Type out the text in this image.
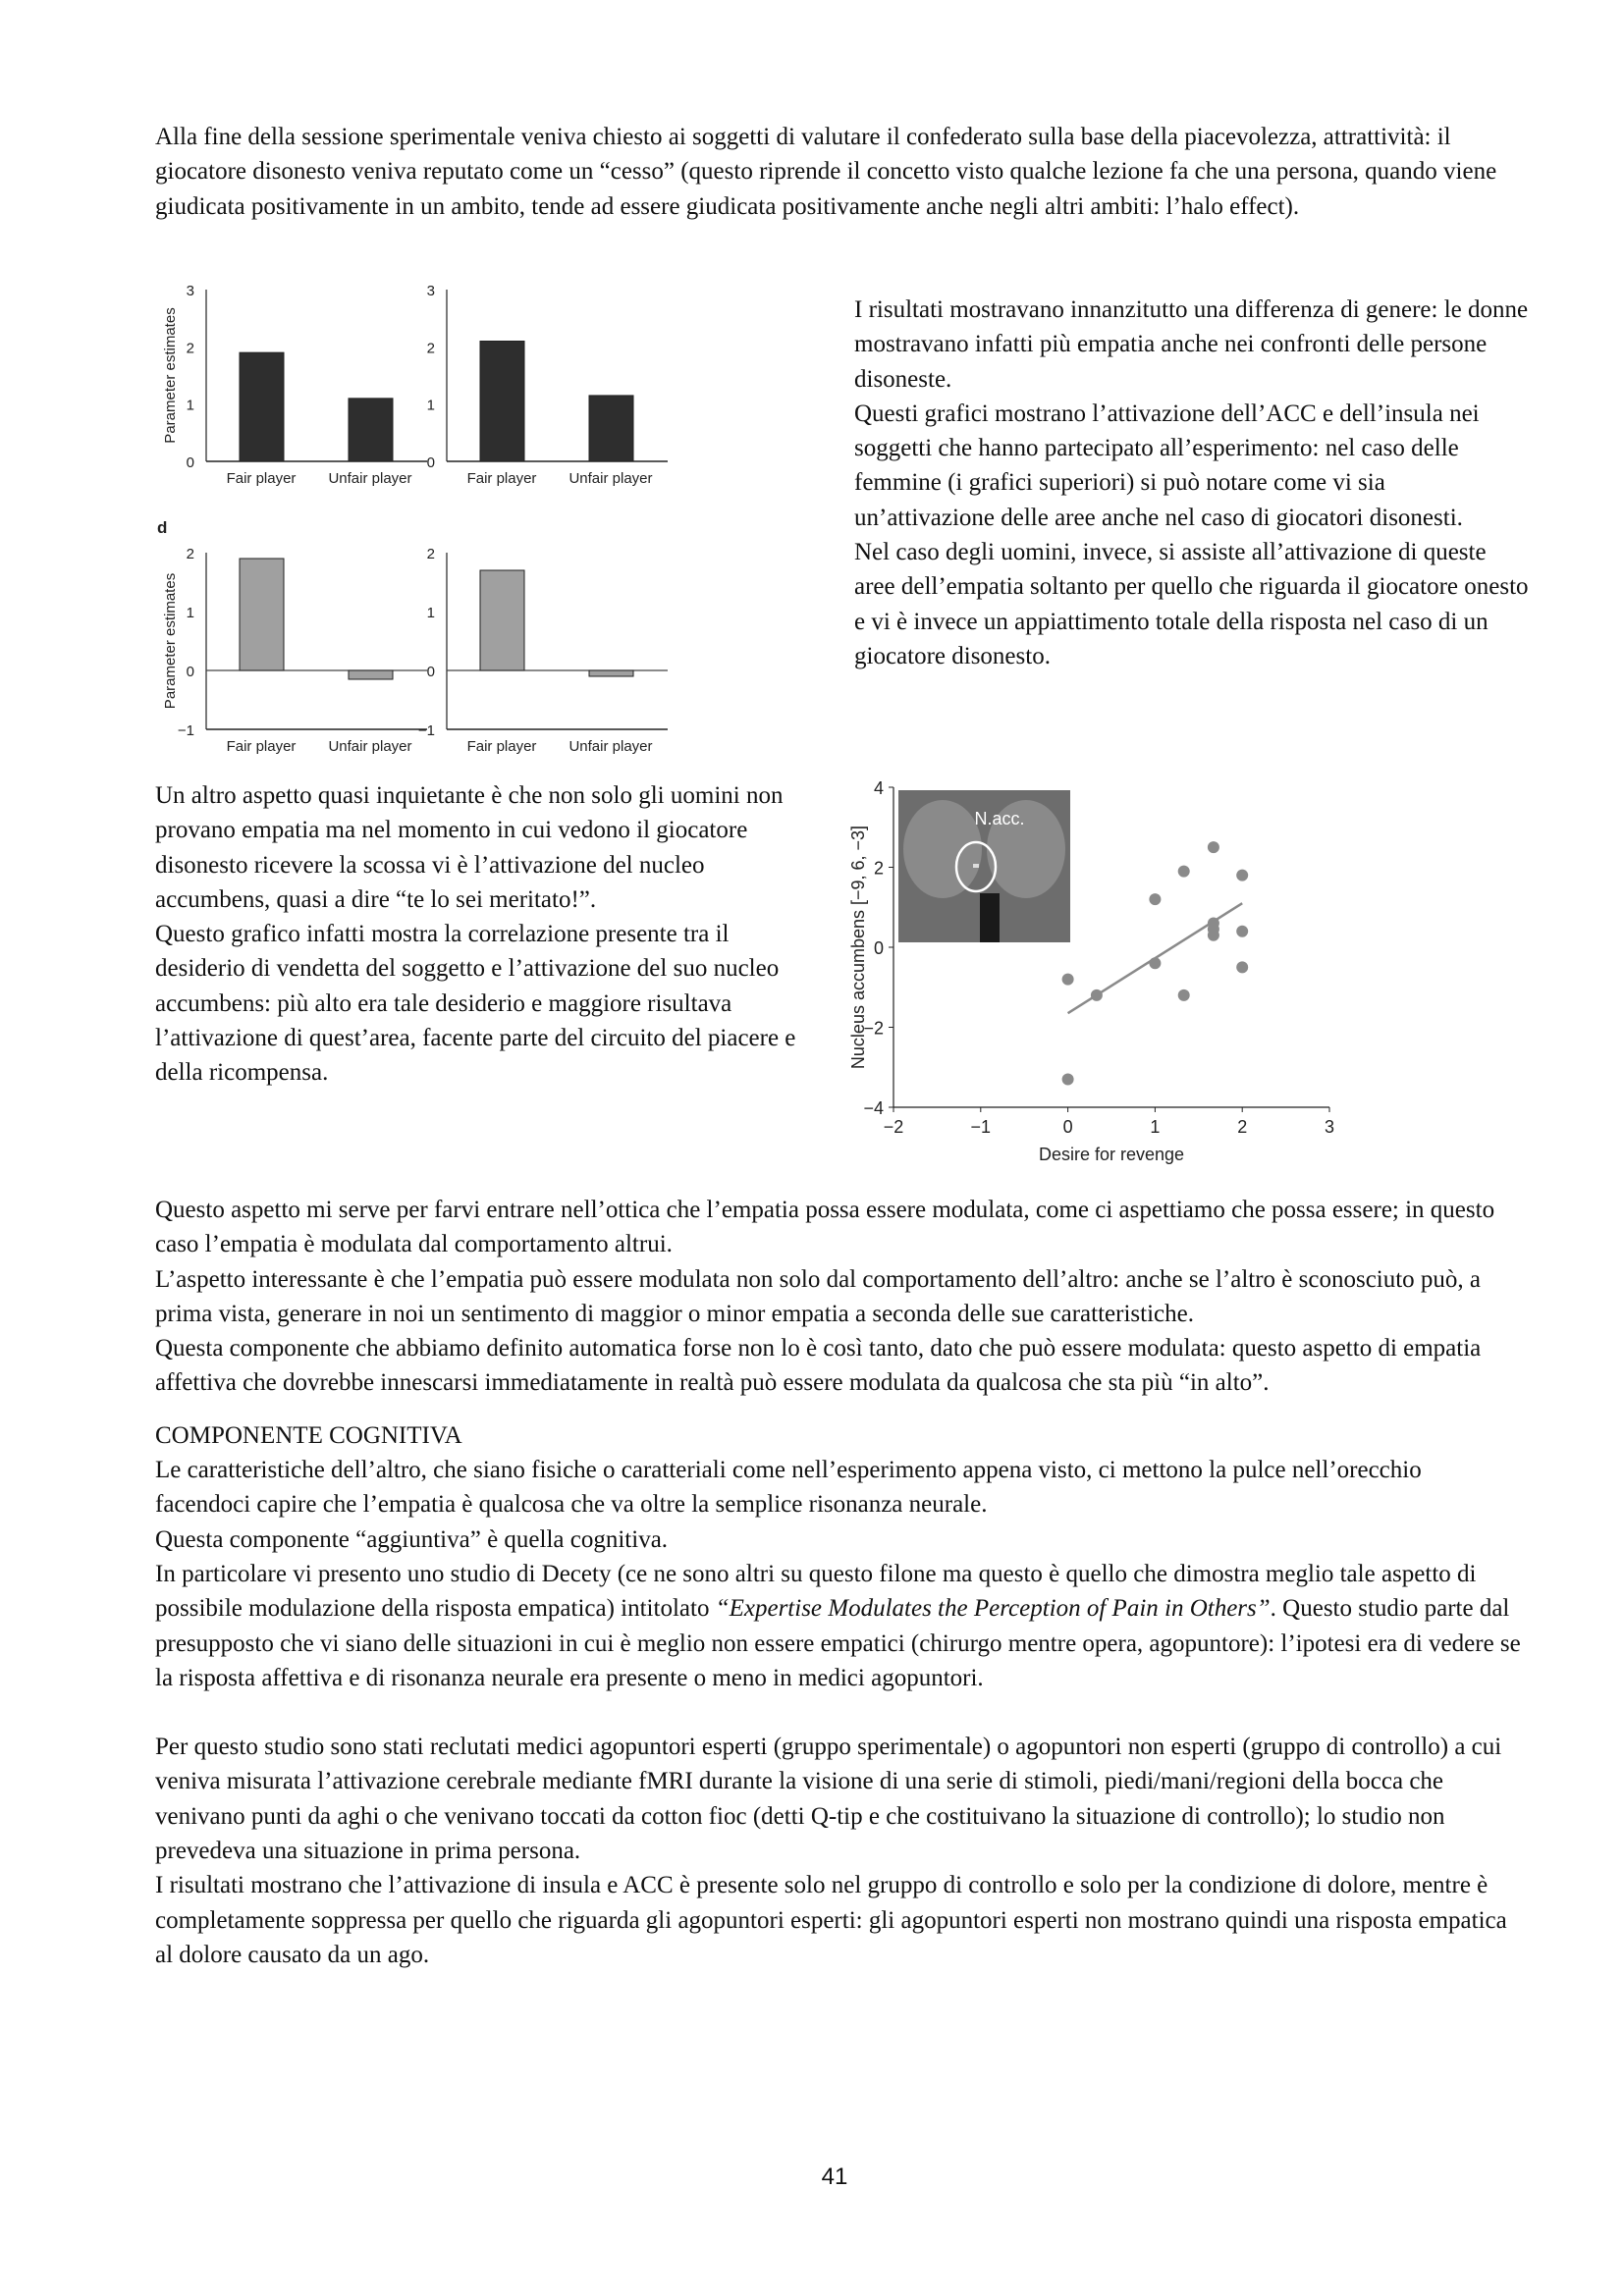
Alla fine della sessione sperimentale veniva chiesto ai soggetti di valutare il confederato sulla base della piacevolezza, attrattività: il giocatore disonesto veniva reputato come un “cesso” (questo riprende il concetto visto qualche lezione fa che una persona, quando viene giudicata positivamente in un ambito, tende ad essere giudicata positivamente anche negli altri ambiti: l’halo effect).

0
1
2
3
Fair player Unfair player
Parameter estimates
0
1
2
3
Fair player Unfair player
−1
0
1
2
Fair player Unfair player
Parameter estimates
d
−1
0
1
2
Fair player Unfair player

I risultati mostravano innanzitutto una differenza di genere: le donne mostravano infatti più empatia anche nei confronti delle persone disoneste.

Questi grafici mostrano l’attivazione dell’ACC e dell’insula nei soggetti che hanno partecipato all’esperimento: nel caso delle femmine (i grafici superiori) si può notare come vi sia un’attivazione delle aree anche nel caso di giocatori disonesti.

Nel caso degli uomini, invece, si assiste all’attivazione di queste aree dell’empatia soltanto per quello che riguarda il giocatore onesto e vi è invece un appiattimento totale della risposta nel caso di un giocatore disonesto.

Un altro aspetto quasi inquietante è che non solo gli uomini non provano empatia ma nel momento in cui vedono il giocatore disonesto ricevere la scossa vi è l’attivazione del nucleo accumbens, quasi a dire “te lo sei meritato!”.

Questo grafico infatti mostra la correlazione presente tra il desiderio di vendetta del soggetto e l’attivazione del suo nucleo accumbens: più alto era tale desiderio e maggiore risultava l’attivazione di quest’area, facente parte del circuito del piacere e della ricompensa.

−2	−1	0	1	2	3
−4
−2
0
2
4
Desire for revenge
Nucleus accumbens [−9, 6, −3]
N.acc.

Questo aspetto mi serve per farvi entrare nell’ottica che l’empatia possa essere modulata, come ci aspettiamo che possa essere; in questo caso l’empatia è modulata dal comportamento altrui.

L’aspetto interessante è che l’empatia può essere modulata non solo dal comportamento dell’altro: anche se l’altro è sconosciuto può, a prima vista, generare in noi un sentimento di maggior o minor empatia a seconda delle sue caratteristiche.

Questa componente che abbiamo definito automatica forse non lo è così tanto, dato che può essere modulata: questo aspetto di empatia affettiva che dovrebbe innescarsi immediatamente in realtà può essere modulata da qualcosa che sta più “in alto”.

COMPONENTE COGNITIVA

Le caratteristiche dell’altro, che siano fisiche o caratteriali come nell’esperimento appena visto, ci mettono la pulce nell’orecchio facendoci capire che l’empatia è qualcosa che va oltre la semplice risonanza neurale.

Questa componente “aggiuntiva” è quella cognitiva.

In particolare vi presento uno studio di Decety (ce ne sono altri su questo filone ma questo è quello che dimostra meglio tale aspetto di possibile modulazione della risposta empatica) intitolato “Expertise Modulates the Perception of Pain in Others”. Questo studio parte dal presupposto che vi siano delle situazioni in cui è meglio non essere empatici (chirurgo mentre opera, agopuntore): l’ipotesi era di vedere se la risposta affettiva e di risonanza neurale era presente o meno in medici agopuntori.

Per questo studio sono stati reclutati medici agopuntori esperti (gruppo sperimentale) o agopuntori non esperti (gruppo di controllo) a cui veniva misurata l’attivazione cerebrale mediante fMRI durante la visione di una serie di stimoli, piedi/mani/regioni della bocca che venivano punti da aghi o che venivano toccati da cotton fioc (detti Q-tip e che costituivano la situazione di controllo); lo studio non prevedeva una situazione in prima persona.

I risultati mostrano che l’attivazione di insula e ACC è presente solo nel gruppo di controllo e solo per la condizione di dolore, mentre è completamente soppressa per quello che riguarda gli agopuntori esperti: gli agopuntori esperti non mostrano quindi una risposta empatica al dolore causato da un ago.

41
